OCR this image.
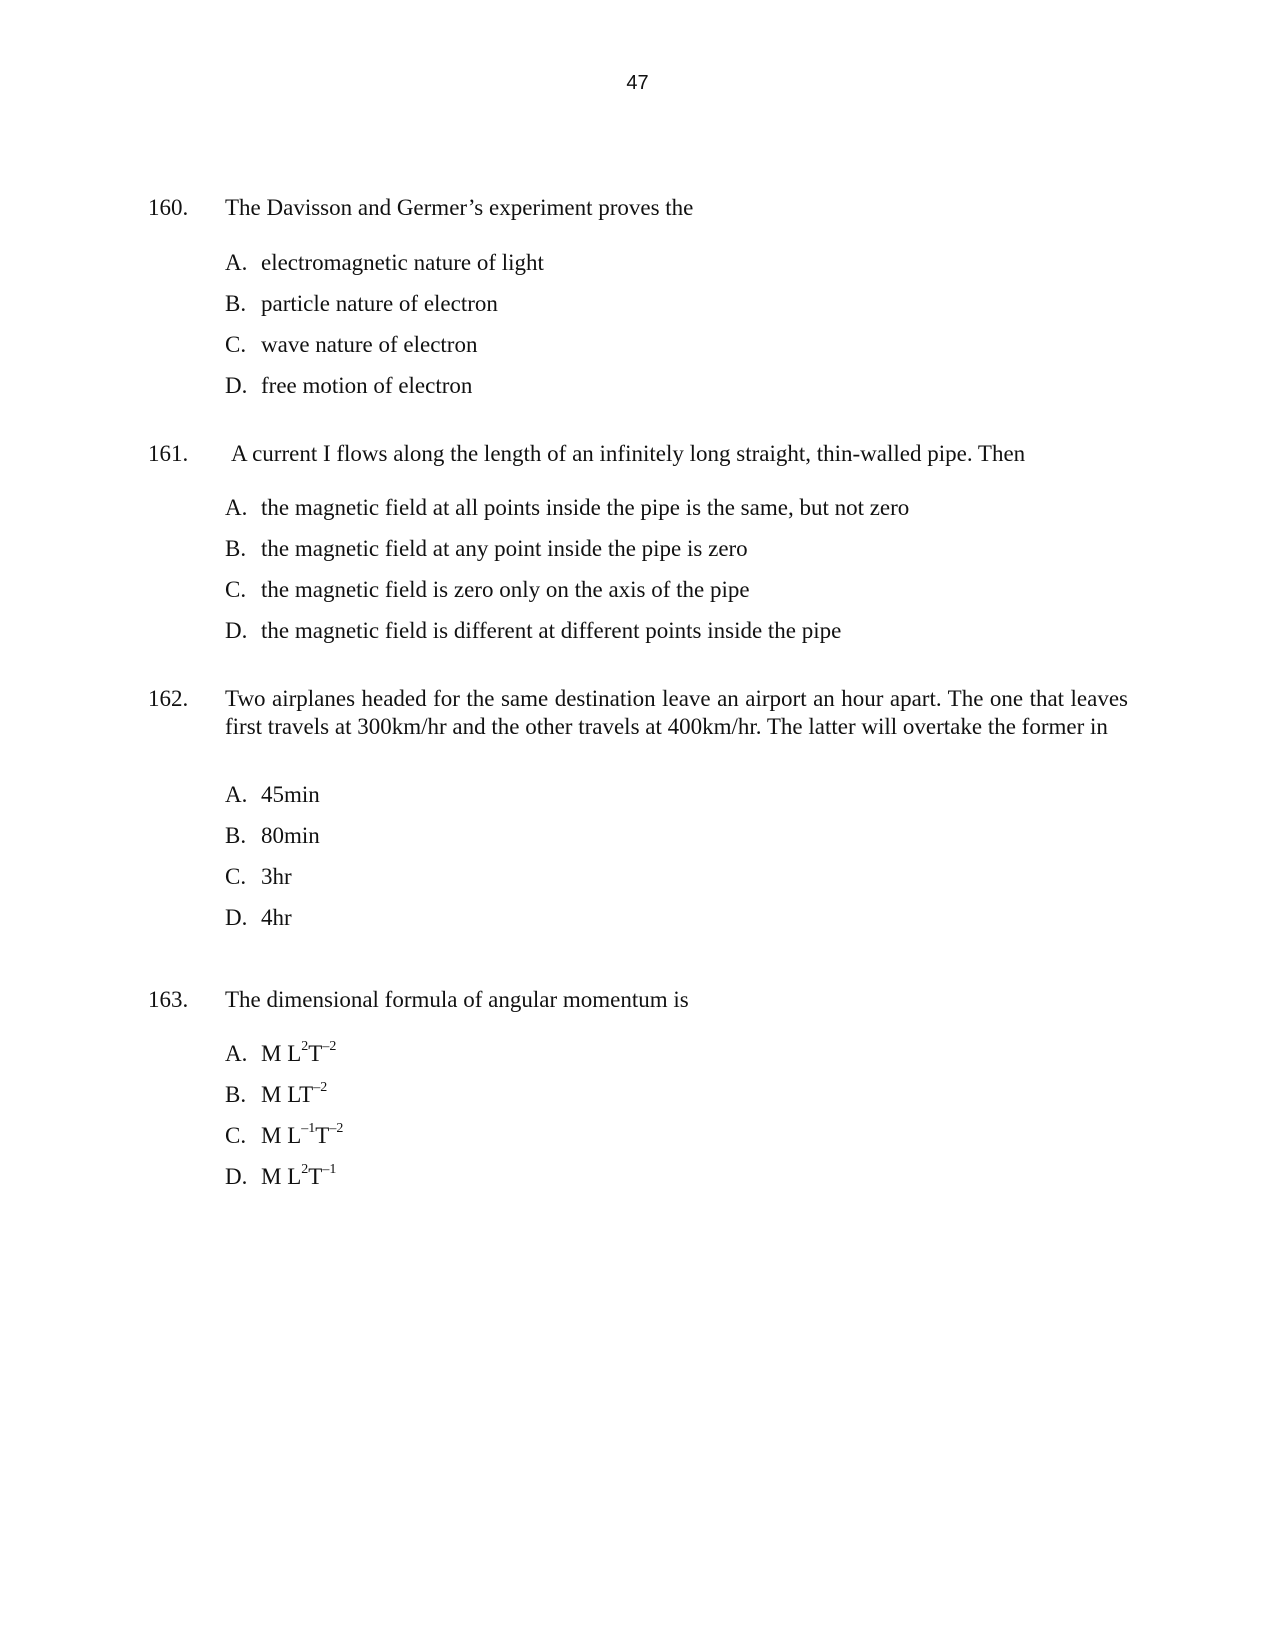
47
160.	The Davisson and Germer’s experiment proves the
A. electromagnetic nature of light
B. particle nature of electron
C. wave nature of electron
D. free motion of electron
161.	A current I flows along the length of an infinitely long straight, thin-walled pipe. Then
A. the magnetic field at all points inside the pipe is the same, but not zero
B. the magnetic field at any point inside the pipe is zero
C. the magnetic field is zero only on the axis of the pipe
D. the magnetic field is different at different points inside the pipe
162.	Two airplanes headed for the same destination leave an airport an hour apart. The one that leaves first travels at 300km/hr and the other travels at 400km/hr. The latter will overtake the former in
A. 45min
B. 80min
C. 3hr
D. 4hr
163.	The dimensional formula of angular momentum is
A. M $L^2T^{-2}$
B. M $LT^{-2}$
C. M $L^{-1}T^{-2}$
D. M $L^2T^{-1}$
